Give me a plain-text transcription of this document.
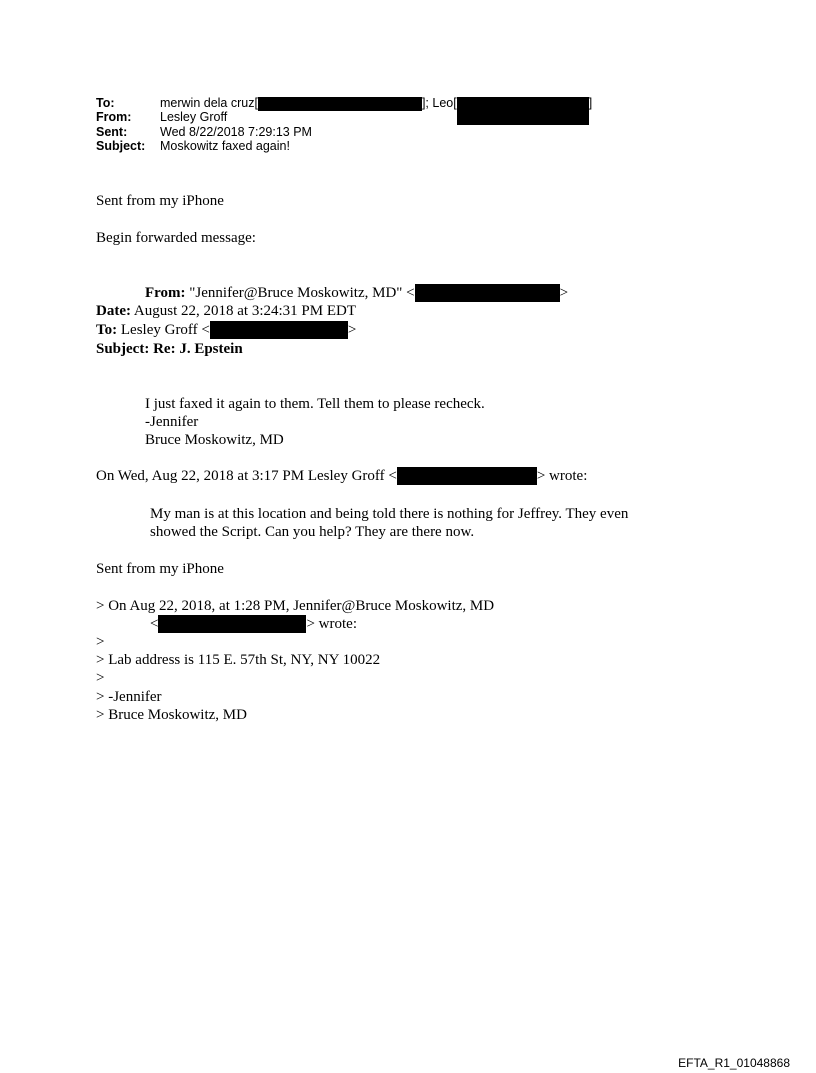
To:	merwin dela cruz[	]; Leo[	]
From: Lesley Groff
Sent:	Wed 8/22/2018 7:29:13 PM
Subject: Moskowitz faxed again!
Sent from my iPhone
Begin forwarded message:
From: "Jennifer@Bruce Moskowitz, MD" <	>
Date: August 22, 2018 at 3:24:31 PM EDT
To: Lesley Groff <	>
Subject: Re: J. Epstein
I just faxed it again to them. Tell them to please recheck.
-Jennifer
Bruce Moskowitz, MD
On Wed, Aug 22, 2018 at 3:17 PM Lesley Groff <	> wrote:
My man is at this location and being told there is nothing for Jeffrey. They even
showed the Script. Can you help? They are there now.
Sent from my iPhone
> On Aug 22, 2018, at 1:28 PM, Jennifer@Bruce Moskowitz, MD
<	> wrote:
>
> Lab address is 115 E. 57th St, NY, NY 10022
>
> -Jennifer
> Bruce Moskowitz, MD
EFTA_R1_01048868
